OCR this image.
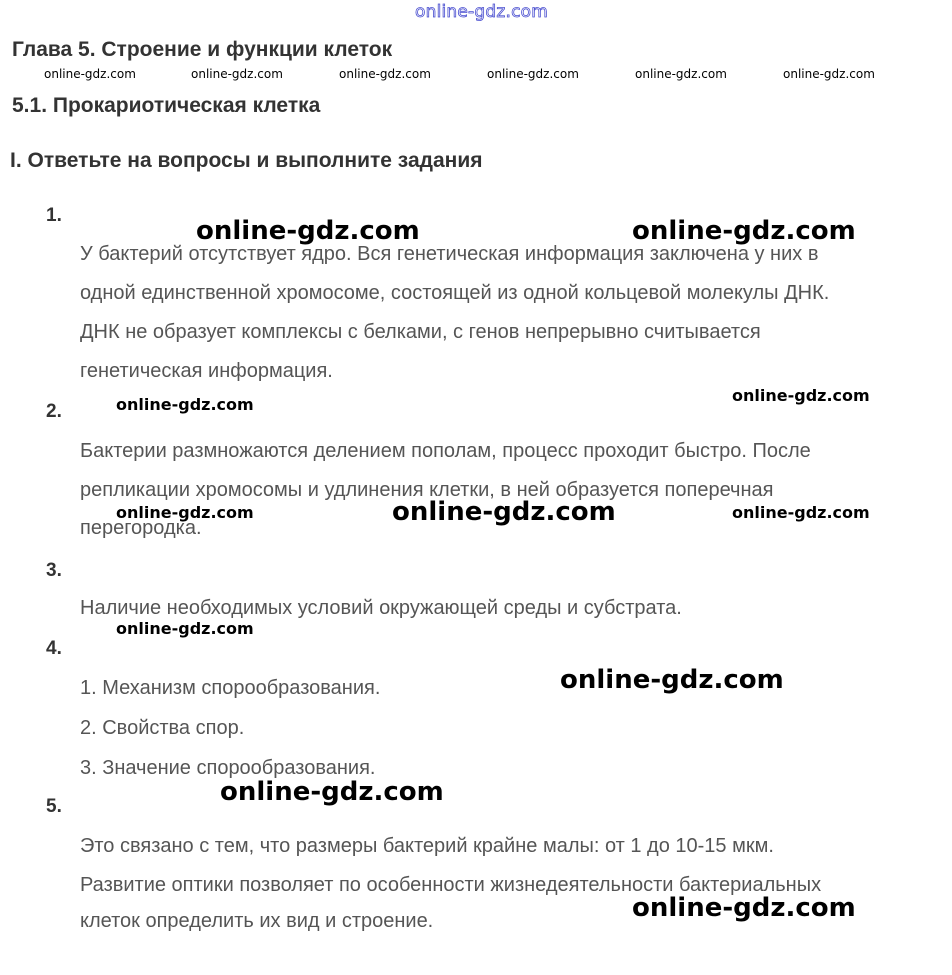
online-gdz.com
Глава 5. Строение и функции клеток
5.1. Прокариотическая клетка
I. Ответьте на вопросы и выполните задания
1.
У бактерий отсутствует ядро. Вся генетическая информация заключена у них в
одной единственной хромосоме, состоящей из одной кольцевой молекулы ДНК.
ДНК не образует комплексы с белками, с генов непрерывно считывается
генетическая информация.
2.
Бактерии размножаются делением пополам, процесс проходит быстро. После
репликации хромосомы и удлинения клетки, в ней образуется поперечная
перегородка.
3.
Наличие необходимых условий окружающей среды и субстрата.
4.
1. Механизм спорообразования.
2. Свойства спор.
3. Значение спорообразования.
5.
Это связано с тем, что размеры бактерий крайне малы: от 1 до 10-15 мкм.
Развитие оптики позволяет по особенности жизнедеятельности бактериальных
клеток определить их вид и строение.
online-gdz.com	online-gdz.com	online-gdz.com	online-gdz.com	online-gdz.com	online-gdz.com
online-gdz.com	online-gdz.com
online-gdz.com	online-gdz.com
online-gdz.com	online-gdz.com	online-gdz.com
online-gdz.com
online-gdz.com
online-gdz.com
online-gdz.com
